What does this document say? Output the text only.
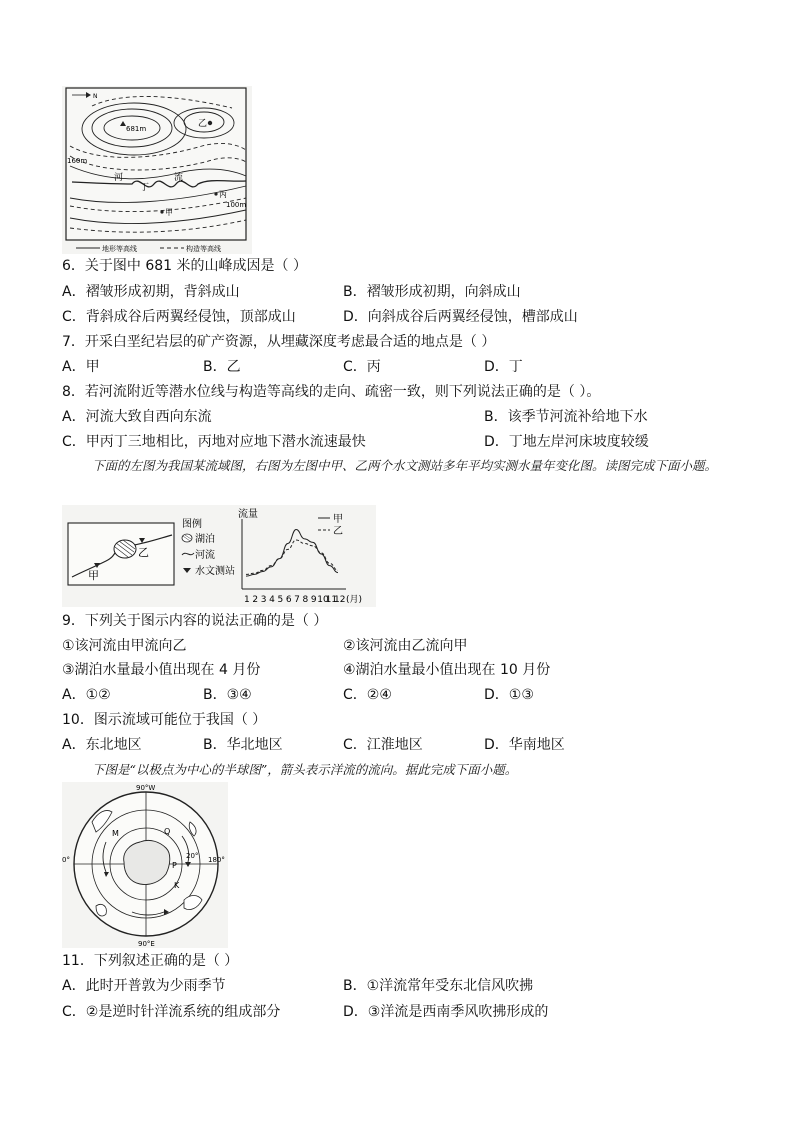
N
681m	乙
160m
河
丁
流
丙
100m
甲
地形等高线	构造等高线
6．关于图中 681 米的山峰成因是（ ）
A．褶皱形成初期，背斜成山	B．褶皱形成初期，向斜成山
C．背斜成谷后两翼经侵蚀，顶部成山	D．向斜成谷后两翼经侵蚀，槽部成山
7．开采白垩纪岩层的矿产资源，从埋藏深度考虑最合适的地点是（ ）
A．甲	B．乙	C．丙	D．丁
8．若河流附近等潜水位线与构造等高线的走向、疏密一致，则下列说法正确的是（ ）。
A．河流大致自西向东流	B．该季节河流补给地下水
C．甲丙丁三地相比，丙地对应地下潜水流速最快	D．丁地左岸河床坡度较缓
下面的左图为我国某流域图，右图为左图中甲、乙两个水文测站多年平均实测水量年变化图。读图完成下面小题。
甲
乙
图例
湖泊
河流
水文测站
流量
1 2 3 4 5 6 7 8 9 10
11
12 (月)
甲
乙
9．下列关于图示内容的说法正确的是（ ）
①该河流由甲流向乙	②该河流由乙流向甲
③湖泊水量最小值出现在 4 月份	④湖泊水量最小值出现在 10 月份
A．①②	B．③④	C．②④	D．①③
10．图示流域可能位于我国（ ）
A．东北地区	B．华北地区	C．江淮地区	D．华南地区
下图是“以极点为中心的半球图”，箭头表示洋流的流向。据此完成下面小题。
90°W
90°E
0°	180°
20°
M	Q
P
K
11．下列叙述正确的是（ ）
A．此时开普敦为少雨季节	B．①洋流常年受东北信风吹拂
C．②是逆时针洋流系统的组成部分	D．③洋流是西南季风吹拂形成的
